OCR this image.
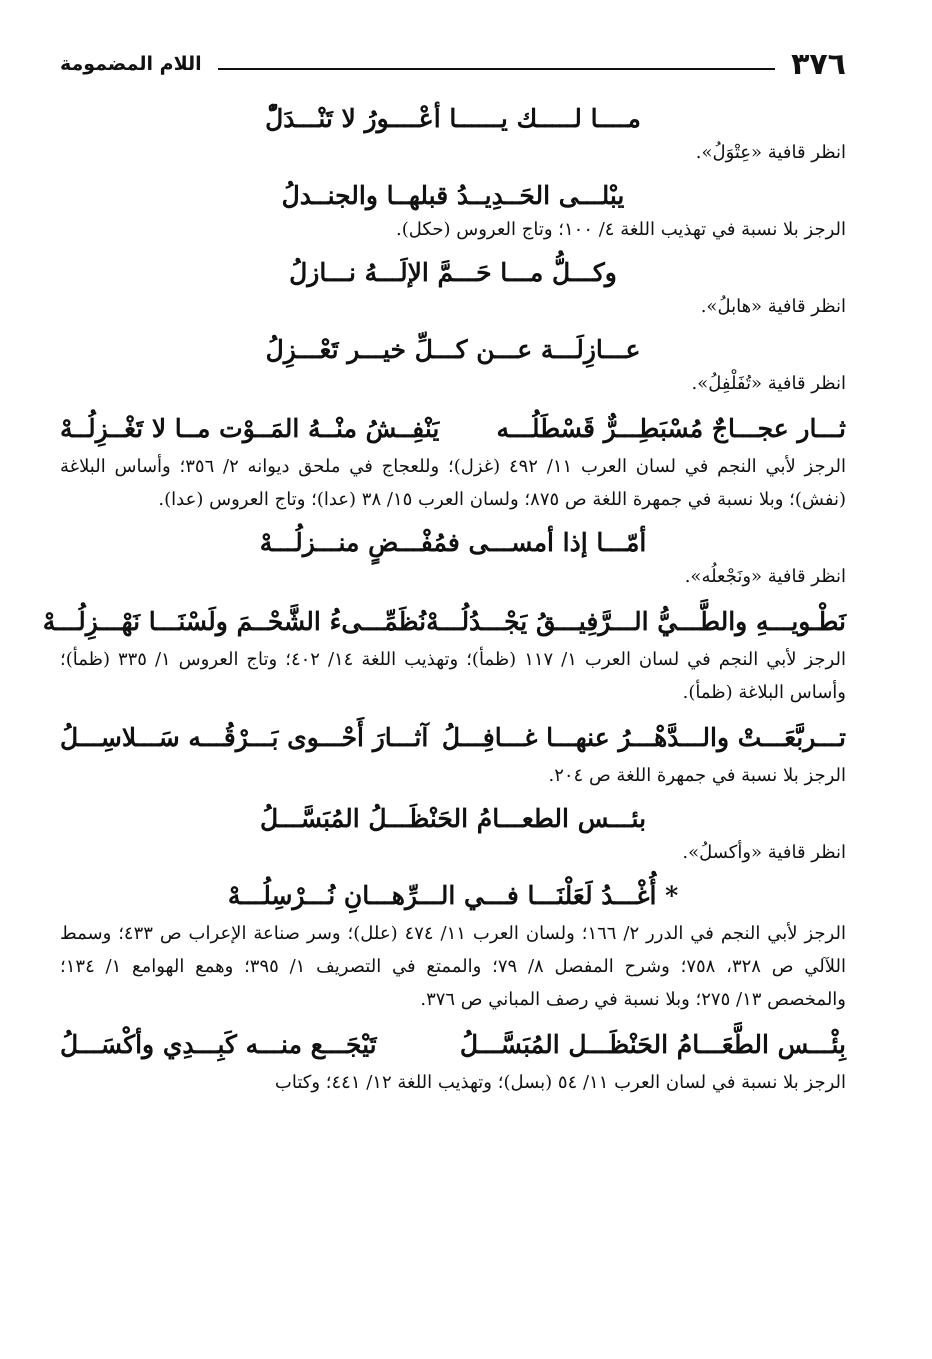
٣٧٦
اللام المضمومة
مــــا لـــــك يــــــا أعْــــورُ لا تَنْـــدَلّْ

انظر قافية «عِتْوَلُ».

يبْلـــى الحَــدِيــدُ قبلهــا والجنــدلُ

الرجز بلا نسبة في تهذيب اللغة ٤/ ١٠٠؛ وتاج العروس (حكل).

وكـــلُّ مـــا حَـــمَّ الإلَـــهُ نـــازلُ

انظر قافية «هابلُ».

عـــازِلَـــة عـــن كـــلِّ خيـــر تَعْـــزِلُ

انظر قافية «تُفَلْفِلُ».

ثـــار عجـــاجٌ مُسْبَطِـــرٌّ قَسْطَلُـــه
يَنْفِــشُ منْــهُ المَــوْت مــا لا تَغْــزِلُــهْ

الرجز لأبي النجم في لسان العرب ١١/ ٤٩٢ (غزل)؛ وللعجاج في ملحق ديوانه ٢/ ٣٥٦؛ وأساس البلاغة (نفش)؛ وبلا نسبة في جمهرة اللغة ص ٨٧٥؛ ولسان العرب ١٥/ ٣٨ (عدا)؛ وتاج العروس (عدا).

أمّـــا إذا أمســـى فمُفْـــضٍ منـــزلُـــهْ

انظر قافية «ونَجْعلُه».

نَطْـويـــهِ والطَّـــيُّ الـــرَّفِيـــقُ يَجْـــدُلُـــهْ
نُظَمِّـــىءُ الشَّحْــمَ ولَسْنَـــا نَهْـــزِلُـــهْ

الرجز لأبي النجم في لسان العرب ١/ ١١٧ (ظمأ)؛ وتهذيب اللغة ١٤/ ٤٠٢؛ وتاج العروس ١/ ٣٣٥ (ظمأ)؛ وأساس البلاغة (ظمأ).

تـــربَّعَـــتْ والـــدَّهْـــرُ عنهـــا غـــافِـــلُ
آثـــارَ أَحْـــوى بَـــرْقُـــه سَـــلاسِـــلُ

الرجز بلا نسبة في جمهرة اللغة ص ٢٠٤.

بئـــس الطعـــامُ الحَنْظَـــلُ المُبَسَّـــلُ

انظر قافية «وأكسلُ».

* أُغْـــدُ لَعَلْنَـــا فـــي الـــرِّهـــانِ نُـــرْسِلُـــهْ

الرجز لأبي النجم في الدرر ٢/ ١٦٦؛ ولسان العرب ١١/ ٤٧٤ (علل)؛ وسر صناعة الإعراب ص ٤٣٣؛ وسمط اللآلي ص ٣٢٨، ٧٥٨؛ وشرح المفصل ٨/ ٧٩؛ والممتع في التصريف ١/ ٣٩٥؛ وهمع الهوامع ١/ ١٣٤؛ والمخصص ١٣/ ٢٧٥؛ وبلا نسبة في رصف المباني ص ٣٧٦.

بِئْـــس الطَّعَـــامُ الحَنْظَـــل المُبَسَّـــلُ
تَيْجَـــع منـــه كَبِـــدِي وأكْسَـــلُ

الرجز بلا نسبة في لسان العرب ١١/ ٥٤ (بسل)؛ وتهذيب اللغة ١٢/ ٤٤١؛ وكتاب
